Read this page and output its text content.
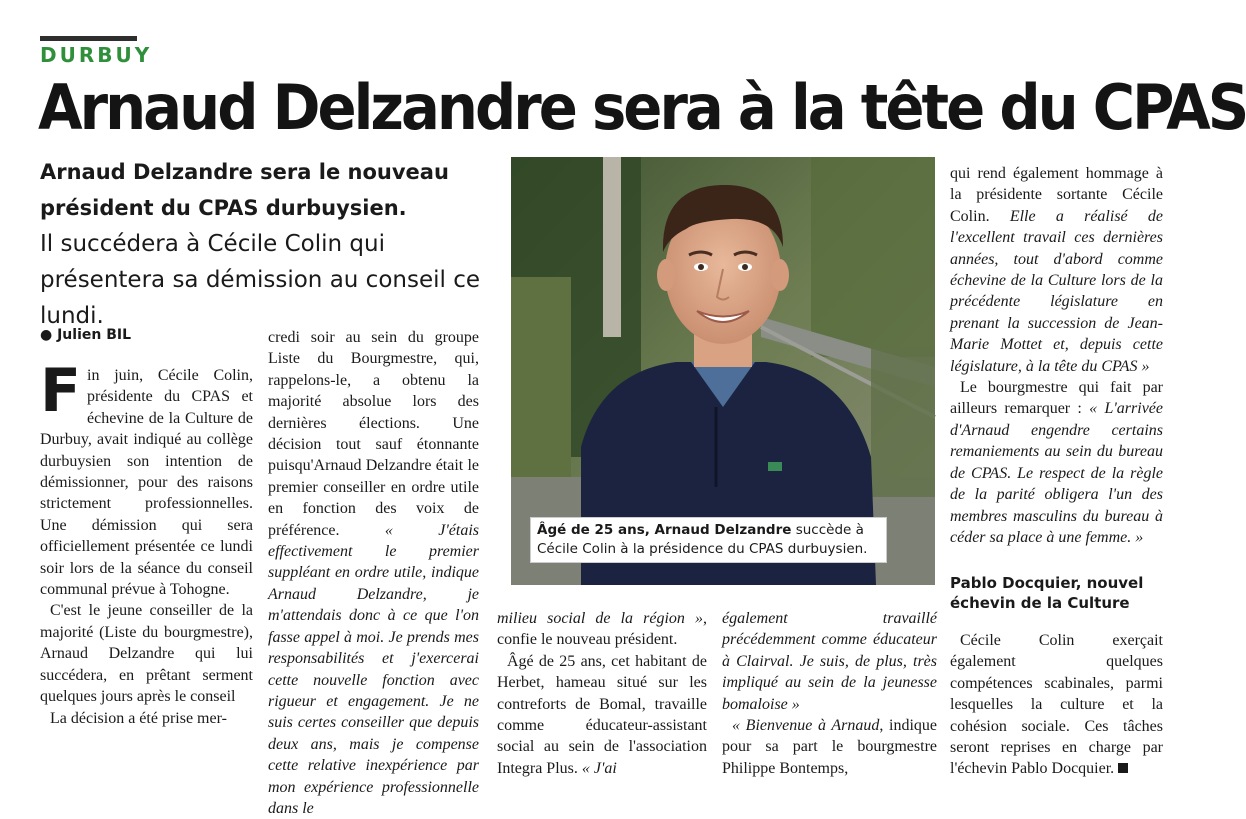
DURBUY
Arnaud Delzandre sera à la tête du CPAS
Arnaud Delzandre sera le nouveau président du CPAS durbuysien.
Il succédera à Cécile Colin qui présentera sa démission au conseil ce lundi.
● Julien BIL

Fin juin, Cécile Colin, présidente du CPAS et échevine de la Culture de Durbuy, avait indiqué au collège durbuysien son intention de démissionner, pour des raisons strictement professionnelles. Une démission qui sera officiellement présentée ce lundi soir lors de la séance du conseil communal prévue à Tohogne.

C'est le jeune conseiller de la majorité (Liste du bourgmestre), Arnaud Delzandre qui lui succédera, en prêtant serment quelques jours après le conseil

La décision a été prise mer-

credi soir au sein du groupe Liste du Bourgmestre, qui, rappelons-le, a obtenu la majorité absolue lors des dernières élections. Une décision tout sauf étonnante puisqu'Arnaud Delzandre était le premier conseiller en ordre utile en fonction des voix de préférence. « J'étais effectivement le premier suppléant en ordre utile, indique Arnaud Delzandre, je m'attendais donc à ce que l'on fasse appel à moi. Je prends mes responsabilités et j'exercerai cette nouvelle fonction avec rigueur et engagement. Je ne suis certes conseiller que depuis deux ans, mais je compense cette relative inexpérience par mon expérience professionnelle dans le

Âgé de 25 ans, Arnaud Delzandre succède à Cécile Colin à la présidence du CPAS durbuysien.

milieu social de la région », confie le nouveau président.

Âgé de 25 ans, cet habitant de Herbet, hameau situé sur les contreforts de Bomal, travaille comme éducateur-assistant social au sein de l'association Integra Plus. « J'ai

également travaillé précédemment comme éducateur à Clairval. Je suis, de plus, très impliqué au sein de la jeunesse bomaloise »

« Bienvenue à Arnaud, indique pour sa part le bourgmestre Philippe Bontemps,

qui rend également hommage à la présidente sortante Cécile Colin. Elle a réalisé de l'excellent travail ces dernières années, tout d'abord comme échevine de la Culture lors de la précédente législature en prenant la succession de Jean-Marie Mottet et, depuis cette législature, à la tête du CPAS »

Le bourgmestre qui fait par ailleurs remarquer : « L'arrivée d'Arnaud engendre certains remaniements au sein du bureau de CPAS. Le respect de la règle de la parité obligera l'un des membres masculins du bureau à céder sa place à une femme. »

Pablo Docquier, nouvel échevin de la Culture

Cécile Colin exerçait également quelques compétences scabinales, parmi lesquelles la culture et la cohésion sociale. Ces tâches seront reprises en charge par l'échevin Pablo Docquier.
